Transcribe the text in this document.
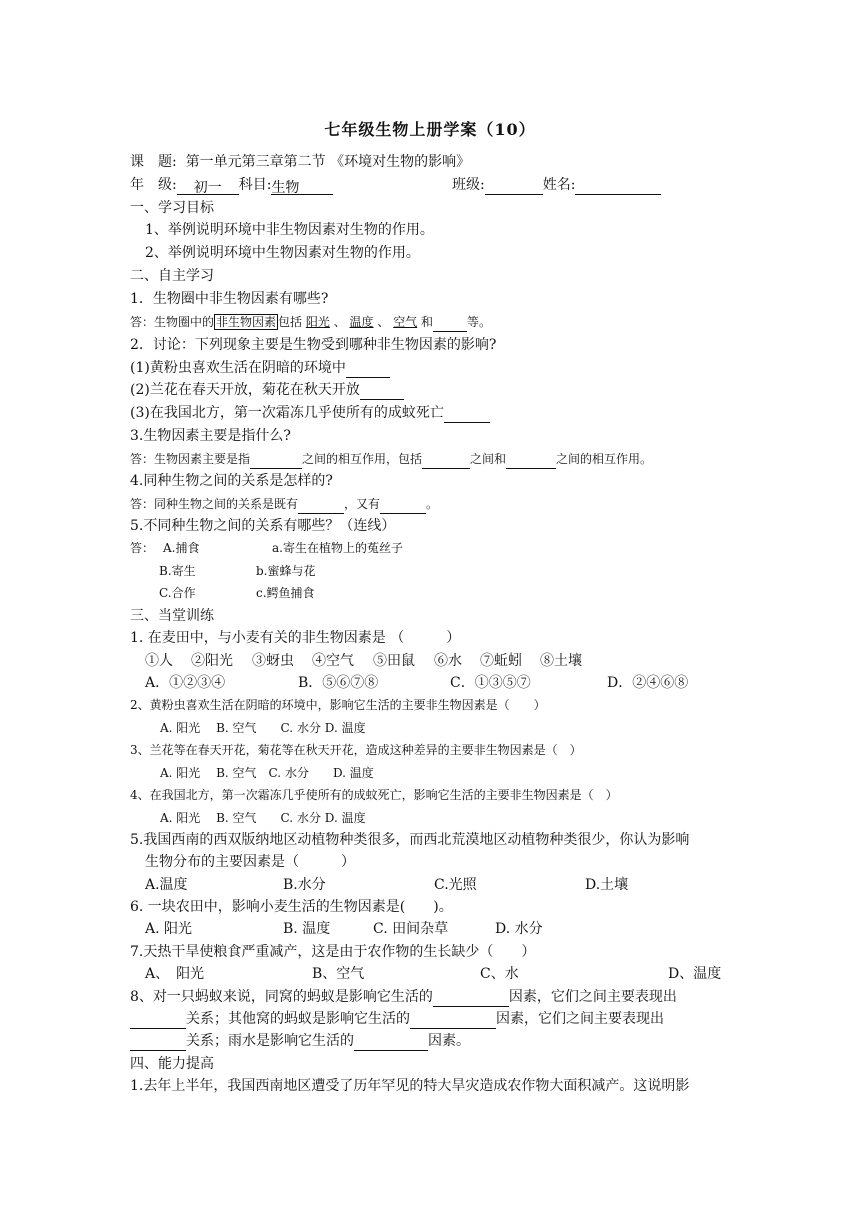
七年级生物上册学案（10）
课　题: 第一单元第三章第二节 《环境对生物的影响》
年　级: 初一 科目:生物	班级:	姓名:
一、学习目标
1、举例说明环境中非生物因素对生物的作用。
2、举例说明环境中生物因素对生物的作用。
二、自主学习
1．生物圈中非生物因素有哪些?
答：生物圈中的 非生物因素 包括 阳光 、 温度 、 空气 和	等。
2．讨论：下列现象主要是生物受到哪种非生物因素的影响?
(1)黄粉虫喜欢生活在阴暗的环境中
(2)兰花在春天开放，菊花在秋天开放
(3)在我国北方，第一次霜冻几乎使所有的成蚊死亡
3.生物因素主要是指什么?
答：生物因素主要是指	之间的相互作用，包括	之间和	之间的相互作用。
4.同种生物之间的关系是怎样的?
答：同种生物之间的关系是既有	，又有	。
5.不同种生物之间的关系有哪些？（连线）
答： A.捕食	a.寄生在植物上的菟丝子
B.寄生	b.蜜蜂与花
C.合作	c.鳄鱼捕食
三、当堂训练
1. 在麦田中，与小麦有关的非生物因素是 （　　　）
①人 ②阳光 ③蚜虫 ④空气 ⑤田鼠 ⑥水 ⑦蚯蚓 ⑧土壤
A．①②③④	B．⑤⑥⑦⑧	C．①③⑤⑦	D．②④⑥⑧
2、黄粉虫喜欢生活在阴暗的环境中，影响它生活的主要非生物因素是（　　）
A. 阳光　 B. 空气　　C. 水分 D. 温度
3、兰花等在春天开花，菊花等在秋天开花，造成这种差异的主要非生物因素是（　）
A. 阳光　 B. 空气　C. 水分　　D. 温度
4、在我国北方，第一次霜冻几乎使所有的成蚊死亡，影响它生活的主要非生物因素是（　）
A. 阳光　 B. 空气　　C. 水分 D. 温度
5.我国西南的西双版纳地区动植物种类很多，而西北荒漠地区动植物种类很少，你认为影响
生物分布的主要因素是（　　　）
A.温度	B.水分	C.光照	D.土壤
6. 一块农田中，影响小麦生活的生物因素是(　　)。
A. 阳光	B. 温度	C. 田间杂草	D. 水分
7.天热干旱使粮食严重减产，这是由于农作物的生长缺少（　　）
A、　阳光	B、空气	C、水	D、温度
8、对一只蚂蚁来说，同窝的蚂蚁是影响它生活的	因素，它们之间主要表现出
关系；其他窝的蚂蚁是影响它生活的	因素，它们之间主要表现出
关系；雨水是影响它生活的	因素。
四、能力提高
1.去年上半年，我国西南地区遭受了历年罕见的特大旱灾造成农作物大面积减产。这说明影
